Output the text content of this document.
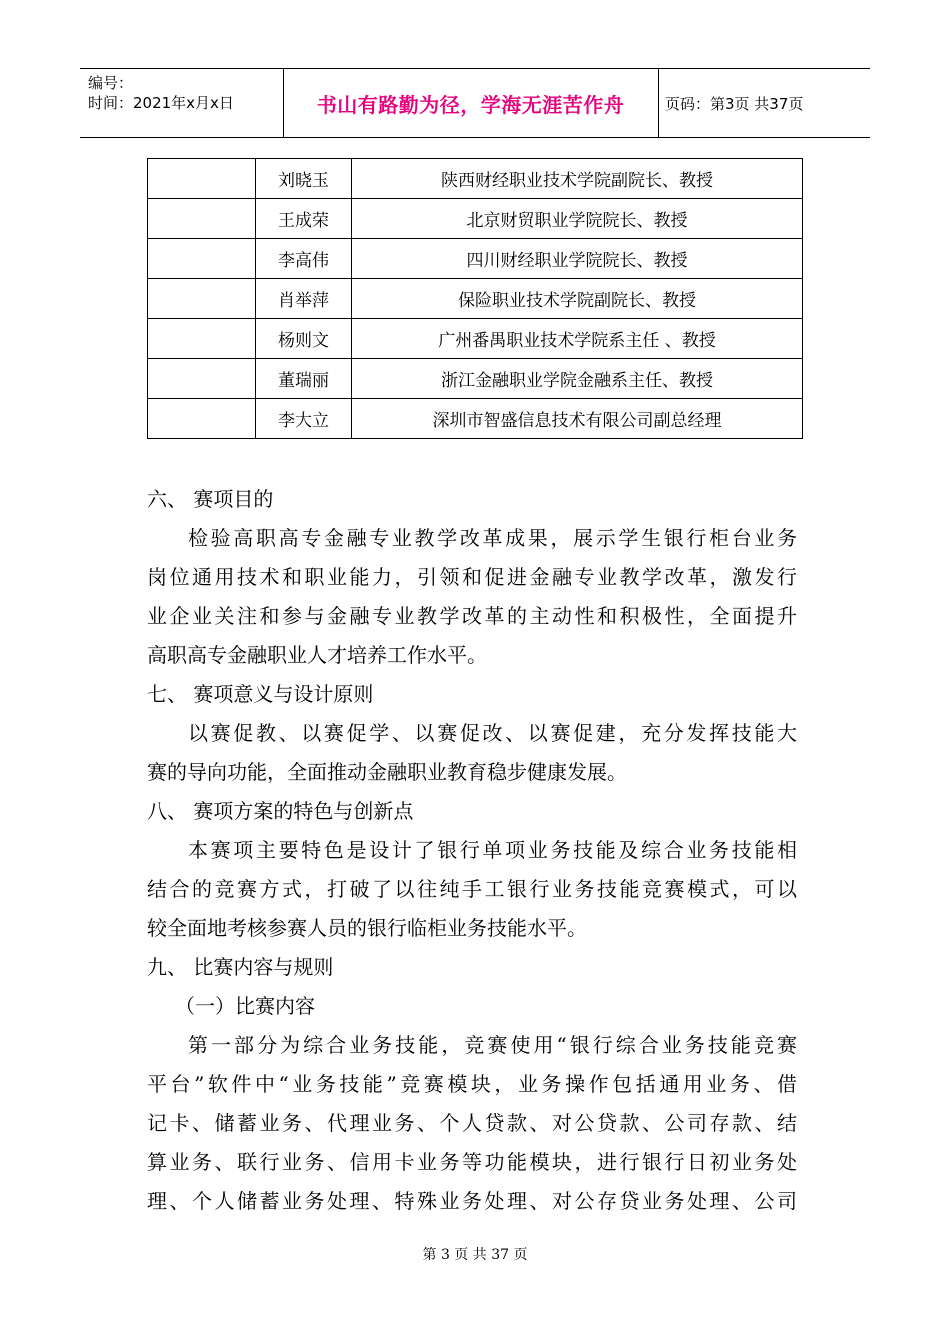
编号：
时间：2021年x月x日	书山有路勤为径，学海无涯苦作舟	页码：第3页 共37页
	刘晓玉	陕西财经职业技术学院副院长、教授
	王成荣	北京财贸职业学院院长、教授
	李高伟	四川财经职业学院院长、教授
	肖举萍	保险职业技术学院副院长、教授
	杨则文	广州番禺职业技术学院系主任 、教授
	董瑞丽	浙江金融职业学院金融系主任、教授
	李大立	深圳市智盛信息技术有限公司副总经理
六、 赛项目的
检验高职高专金融专业教学改革成果，展示学生银行柜台业务
岗位通用技术和职业能力，引领和促进金融专业教学改革，激发行
业企业关注和参与金融专业教学改革的主动性和积极性，全面提升
高职高专金融职业人才培养工作水平。
七、 赛项意义与设计原则
以赛促教、以赛促学、以赛促改、以赛促建，充分发挥技能大
赛的导向功能，全面推动金融职业教育稳步健康发展。
八、 赛项方案的特色与创新点
本赛项主要特色是设计了银行单项业务技能及综合业务技能相
结合的竞赛方式，打破了以往纯手工银行业务技能竞赛模式，可以
较全面地考核参赛人员的银行临柜业务技能水平。
九、 比赛内容与规则
（一）比赛内容
第一部分为综合业务技能，竞赛使用“银行综合业务技能竞赛
平台”软件中“业务技能”竞赛模块，业务操作包括通用业务、借
记卡、储蓄业务、代理业务、个人贷款、对公贷款、公司存款、结
算业务、联行业务、信用卡业务等功能模块，进行银行日初业务处
理、个人储蓄业务处理、特殊业务处理、对公存贷业务处理、公司
第 3 页 共 37 页
